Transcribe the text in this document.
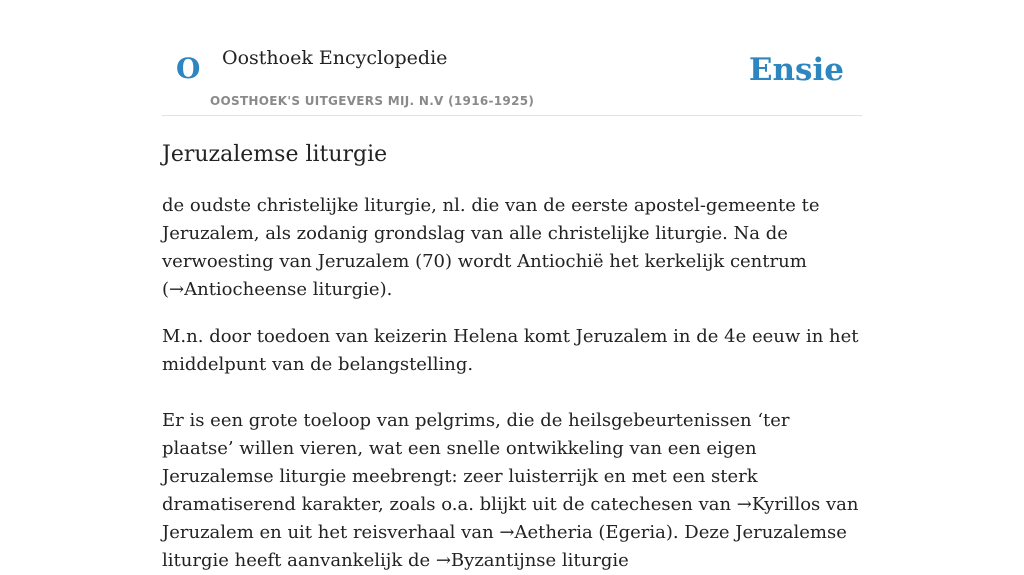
O Oosthoek Encyclopedie
OOSTHOEK'S UITGEVERS MIJ. N.V (1916-1925)
Ensie
Jeruzalemse liturgie

de oudste christelijke liturgie, nl. die van de eerste apostel-gemeente te Jeruzalem, als zodanig grondslag van alle christelijke liturgie. Na de verwoesting van Jeruzalem (70) wordt Antiochië het kerkelijk centrum (→Antiocheense liturgie).

M.n. door toedoen van keizerin Helena komt Jeruzalem in de 4e eeuw in het middelpunt van de belangstelling.

Er is een grote toeloop van pelgrims, die de heilsgebeurtenissen ‘ter plaatse’ willen vieren, wat een snelle ontwikkeling van een eigen Jeruzalemse liturgie meebrengt: zeer luisterrijk en met een sterk dramatiserend karakter, zoals o.a. blijkt uit de catechesen van →Kyrillos van Jeruzalem en uit het reisverhaal van →Aetheria (Egeria). Deze Jeruzalemse liturgie heeft aanvankelijk de →Byzantijnse liturgie
